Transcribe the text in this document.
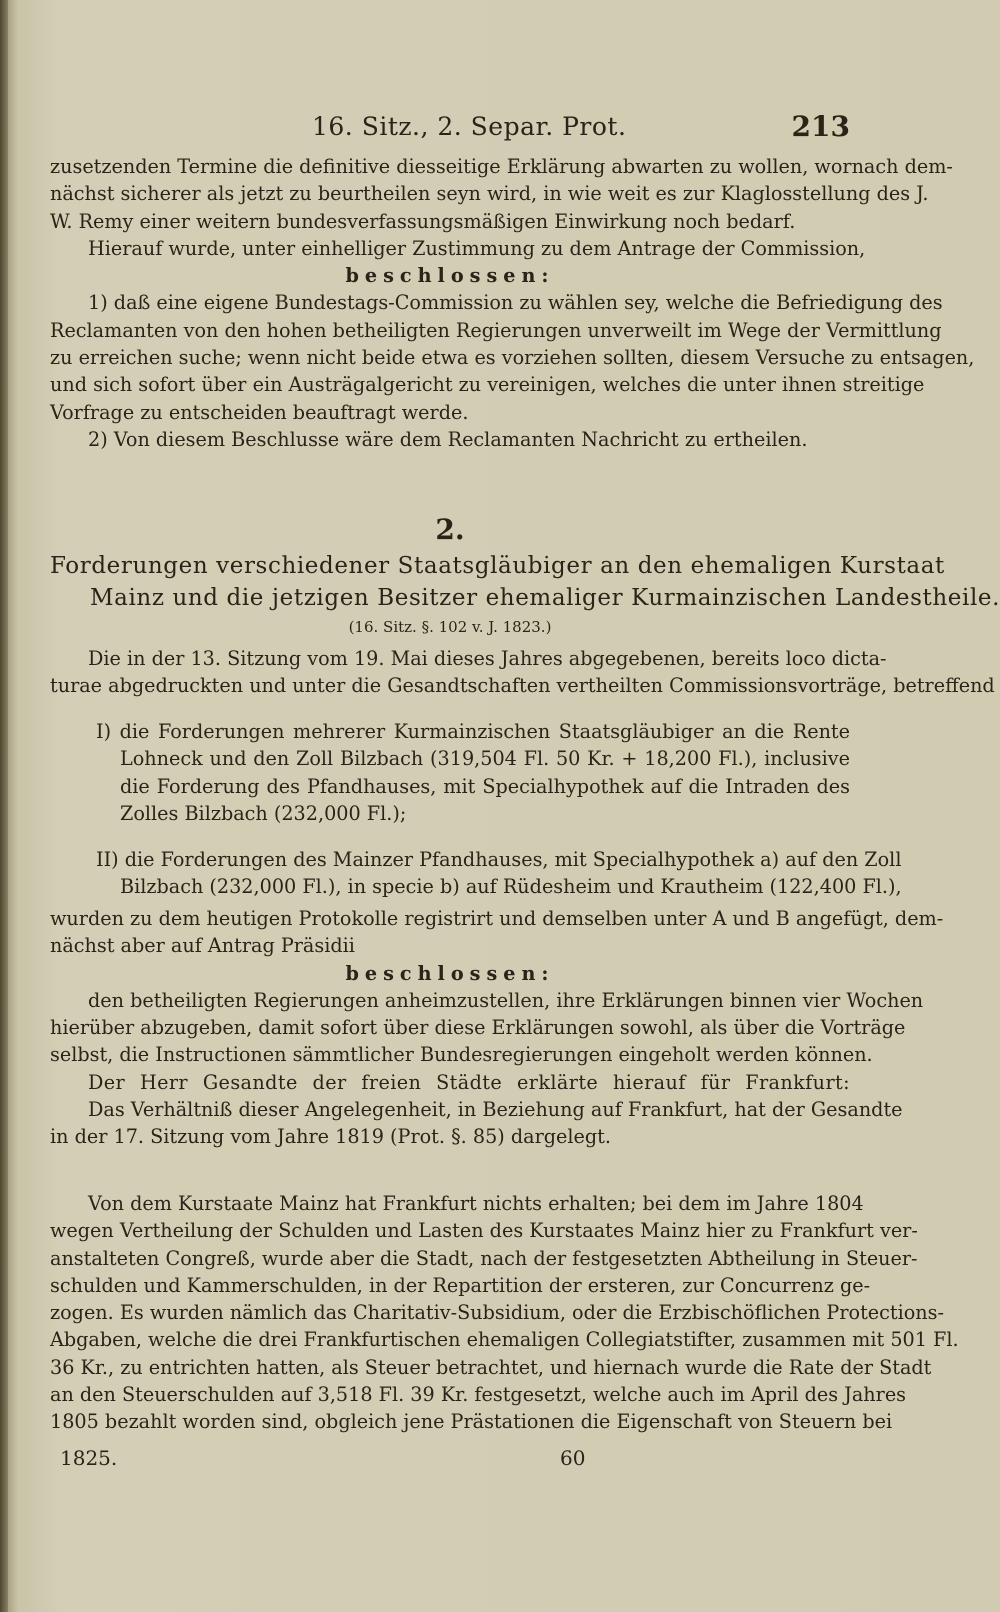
16. Sitz., 2. Separ. Prot.	213
zusetzenden Termine die definitive diesseitige Erklärung abwarten zu wollen, wornach dem-
nächst sicherer als jetzt zu beurtheilen seyn wird, in wie weit es zur Klaglosstellung des J.
W. Remy einer weitern bundesverfassungsmäßigen Einwirkung noch bedarf.
Hierauf wurde, unter einhelliger Zustimmung zu dem Antrage der Commission,
beschlossen:
1) daß eine eigene Bundestags-Commission zu wählen sey, welche die Befriedigung des
Reclamanten von den hohen betheiligten Regierungen unverweilt im Wege der Vermittlung
zu erreichen suche; wenn nicht beide etwa es vorziehen sollten, diesem Versuche zu entsagen,
und sich sofort über ein Austrägalgericht zu vereinigen, welches die unter ihnen streitige
Vorfrage zu entscheiden beauftragt werde.
2) Von diesem Beschlusse wäre dem Reclamanten Nachricht zu ertheilen.
2.
Forderungen verschiedener Staatsgläubiger an den ehemaligen Kurstaat
Mainz und die jetzigen Besitzer ehemaliger Kurmainzischen Landestheile.
(16. Sitz. §. 102 v. J. 1823.)
Die in der 13. Sitzung vom 19. Mai dieses Jahres abgegebenen, bereits loco dicta-
turae abgedruckten und unter die Gesandtschaften vertheilten Commissionsvorträge, betreffend
I) die Forderungen mehrerer Kurmainzischen Staatsgläubiger an die Rente
Lohneck und den Zoll Bilzbach (319,504 Fl. 50 Kr. + 18,200 Fl.), inclusive
die Forderung des Pfandhauses, mit Specialhypothek auf die Intraden des
Zolles Bilzbach (232,000 Fl.);
II) die Forderungen des Mainzer Pfandhauses, mit Specialhypothek a) auf den Zoll
Bilzbach (232,000 Fl.), in specie b) auf Rüdesheim und Krautheim (122,400 Fl.),
wurden zu dem heutigen Protokolle registrirt und demselben unter A und B angefügt, dem-
nächst aber auf Antrag Präsidii
beschlossen:
den betheiligten Regierungen anheimzustellen, ihre Erklärungen binnen vier Wochen
hierüber abzugeben, damit sofort über diese Erklärungen sowohl, als über die Vorträge
selbst, die Instructionen sämmtlicher Bundesregierungen eingeholt werden können.
Der Herr Gesandte der freien Städte erklärte hierauf für Frankfurt:
Das Verhältniß dieser Angelegenheit, in Beziehung auf Frankfurt, hat der Gesandte
in der 17. Sitzung vom Jahre 1819 (Prot. §. 85) dargelegt.
Von dem Kurstaate Mainz hat Frankfurt nichts erhalten; bei dem im Jahre 1804
wegen Vertheilung der Schulden und Lasten des Kurstaates Mainz hier zu Frankfurt ver-
anstalteten Congreß, wurde aber die Stadt, nach der festgesetzten Abtheilung in Steuer-
schulden und Kammerschulden, in der Repartition der ersteren, zur Concurrenz ge-
zogen. Es wurden nämlich das Charitativ-Subsidium, oder die Erzbischöflichen Protections-
Abgaben, welche die drei Frankfurtischen ehemaligen Collegiatstifter, zusammen mit 501 Fl.
36 Kr., zu entrichten hatten, als Steuer betrachtet, und hiernach wurde die Rate der Stadt
an den Steuerschulden auf 3,518 Fl. 39 Kr. festgesetzt, welche auch im April des Jahres
1805 bezahlt worden sind, obgleich jene Prästationen die Eigenschaft von Steuern bei
1825.	60
